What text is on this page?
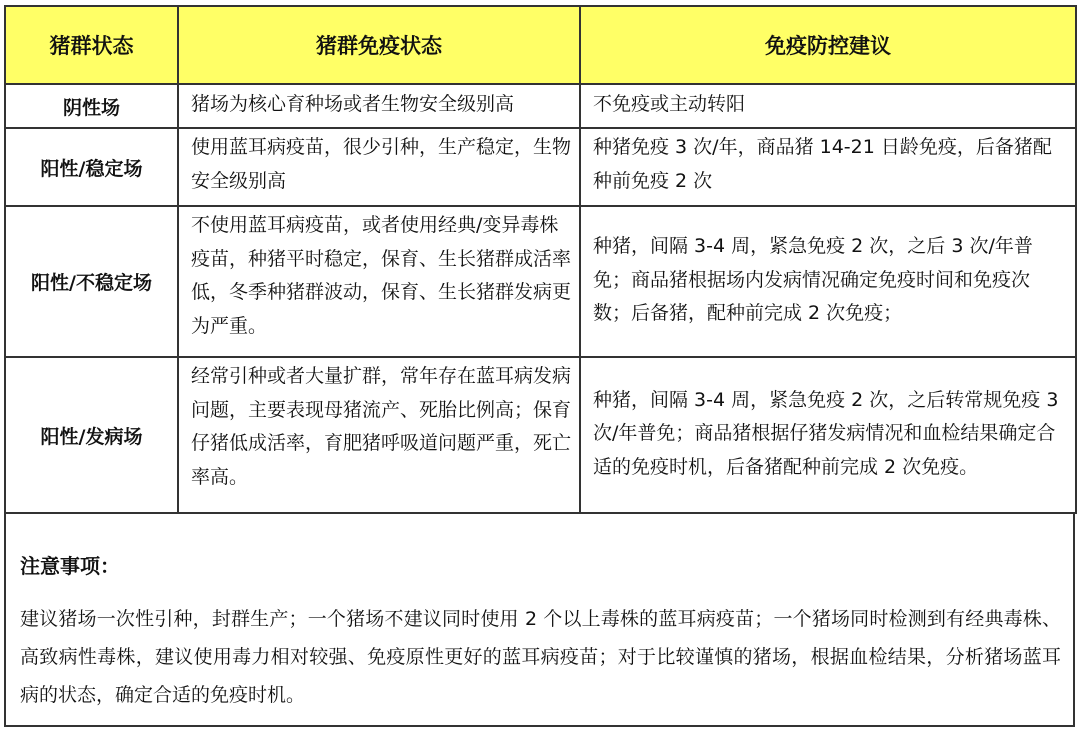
猪群状态	猪群免疫状态	免疫防控建议
阴性场	猪场为核心育种场或者生物安全级别高	不免疫或主动转阳
阳性/稳定场	使用蓝耳病疫苗，很少引种，生产稳定，生物安全级别高	种猪免疫 3 次/年，商品猪 14-21 日龄免疫，后备猪配种前免疫 2 次
阳性/不稳定场	不使用蓝耳病疫苗，或者使用经典/变异毒株疫苗，种猪平时稳定，保育、生长猪群成活率低，冬季种猪群波动，保育、生长猪群发病更为严重。	种猪，间隔 3-4 周，紧急免疫 2 次，之后 3 次/年普免；商品猪根据场内发病情况确定免疫时间和免疫次数；后备猪，配种前完成 2 次免疫；
阳性/发病场	经常引种或者大量扩群，常年存在蓝耳病发病问题，主要表现母猪流产、死胎比例高；保育仔猪低成活率，育肥猪呼吸道问题严重，死亡率高。	种猪，间隔 3-4 周，紧急免疫 2 次，之后转常规免疫 3 次/年普免；商品猪根据仔猪发病情况和血检结果确定合适的免疫时机，后备猪配种前完成 2 次免疫。
注意事项：
建议猪场一次性引种，封群生产；一个猪场不建议同时使用 2 个以上毒株的蓝耳病疫苗；一个猪场同时检测到有经典毒株、高致病性毒株，建议使用毒力相对较强、免疫原性更好的蓝耳病疫苗；对于比较谨慎的猪场，根据血检结果，分析猪场蓝耳病的状态，确定合适的免疫时机。
